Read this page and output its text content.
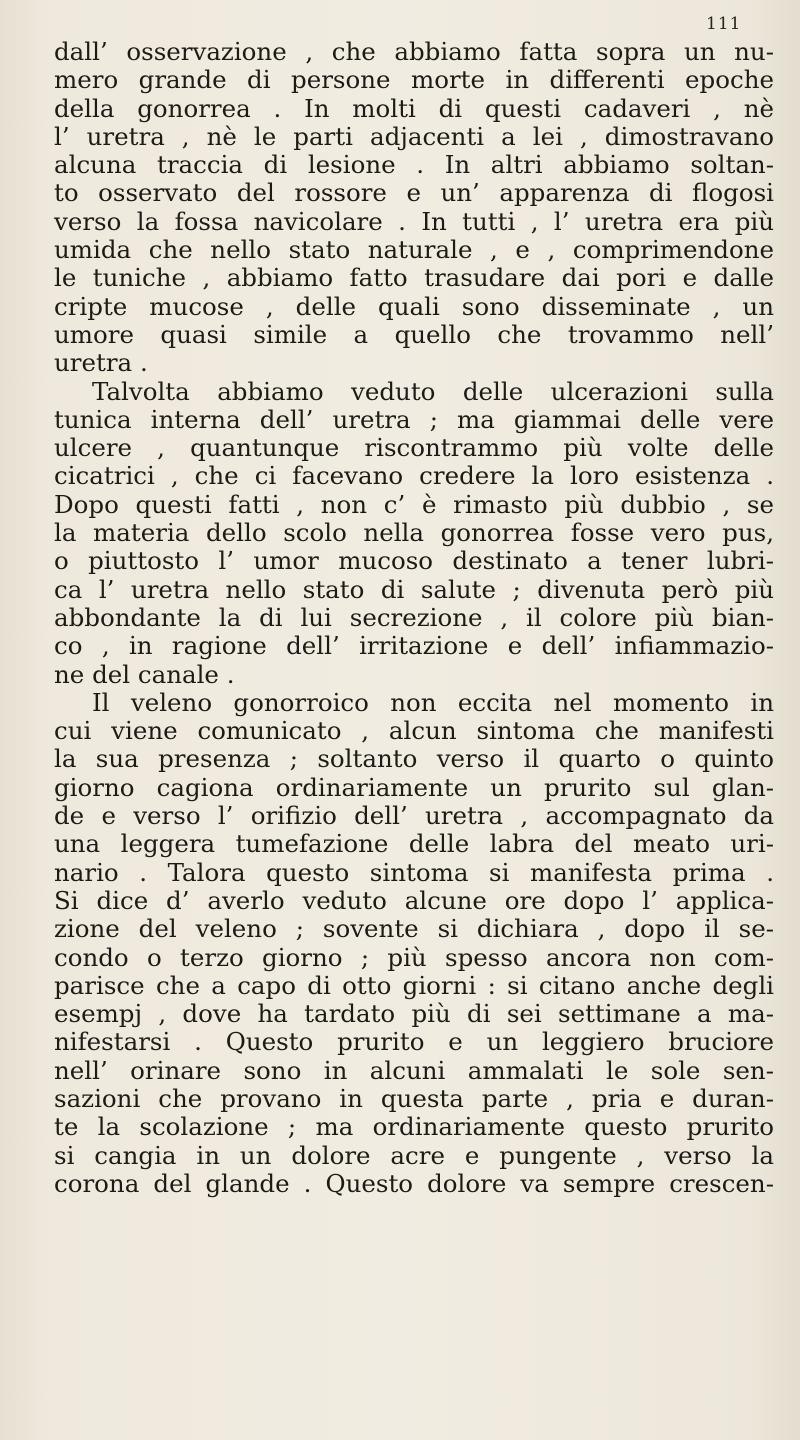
111
dall’ osservazione , che abbiamo fatta sopra un nu-
mero grande di persone morte in differenti epoche
della gonorrea . In molti di questi cadaveri , nè
l’ uretra , nè le parti adjacenti a lei , dimostravano
alcuna traccia di lesione . In altri abbiamo soltan-
to osservato del rossore e un’ apparenza di flogosi
verso la fossa navicolare . In tutti , l’ uretra era più
umida che nello stato naturale , e , comprimendone
le tuniche , abbiamo fatto trasudare dai pori e dalle
cripte mucose , delle quali sono disseminate , un
umore quasi simile a quello che trovammo nell’
uretra .
Talvolta abbiamo veduto delle ulcerazioni sulla
tunica interna dell’ uretra ; ma giammai delle vere
ulcere , quantunque riscontrammo più volte delle
cicatrici , che ci facevano credere la loro esistenza .
Dopo questi fatti , non c’ è rimasto più dubbio , se
la materia dello scolo nella gonorrea fosse vero pus,
o piuttosto l’ umor mucoso destinato a tener lubri-
ca l’ uretra nello stato di salute ; divenuta però più
abbondante la di lui secrezione , il colore più bian-
co , in ragione dell’ irritazione e dell’ infiammazio-
ne del canale .
Il veleno gonorroico non eccita nel momento in
cui viene comunicato , alcun sintoma che manifesti
la sua presenza ; soltanto verso il quarto o quinto
giorno cagiona ordinariamente un prurito sul glan-
de e verso l’ orifizio dell’ uretra , accompagnato da
una leggera tumefazione delle labra del meato uri-
nario . Talora questo sintoma si manifesta prima .
Si dice d’ averlo veduto alcune ore dopo l’ applica-
zione del veleno ; sovente si dichiara , dopo il se-
condo o terzo giorno ; più spesso ancora non com-
parisce che a capo di otto giorni : si citano anche degli
esempj , dove ha tardato più di sei settimane a ma-
nifestarsi . Questo prurito e un leggiero bruciore
nell’ orinare sono in alcuni ammalati le sole sen-
sazioni che provano in questa parte , pria e duran-
te la scolazione ; ma ordinariamente questo prurito
si cangia in un dolore acre e pungente , verso la
corona del glande . Questo dolore va sempre crescen-
